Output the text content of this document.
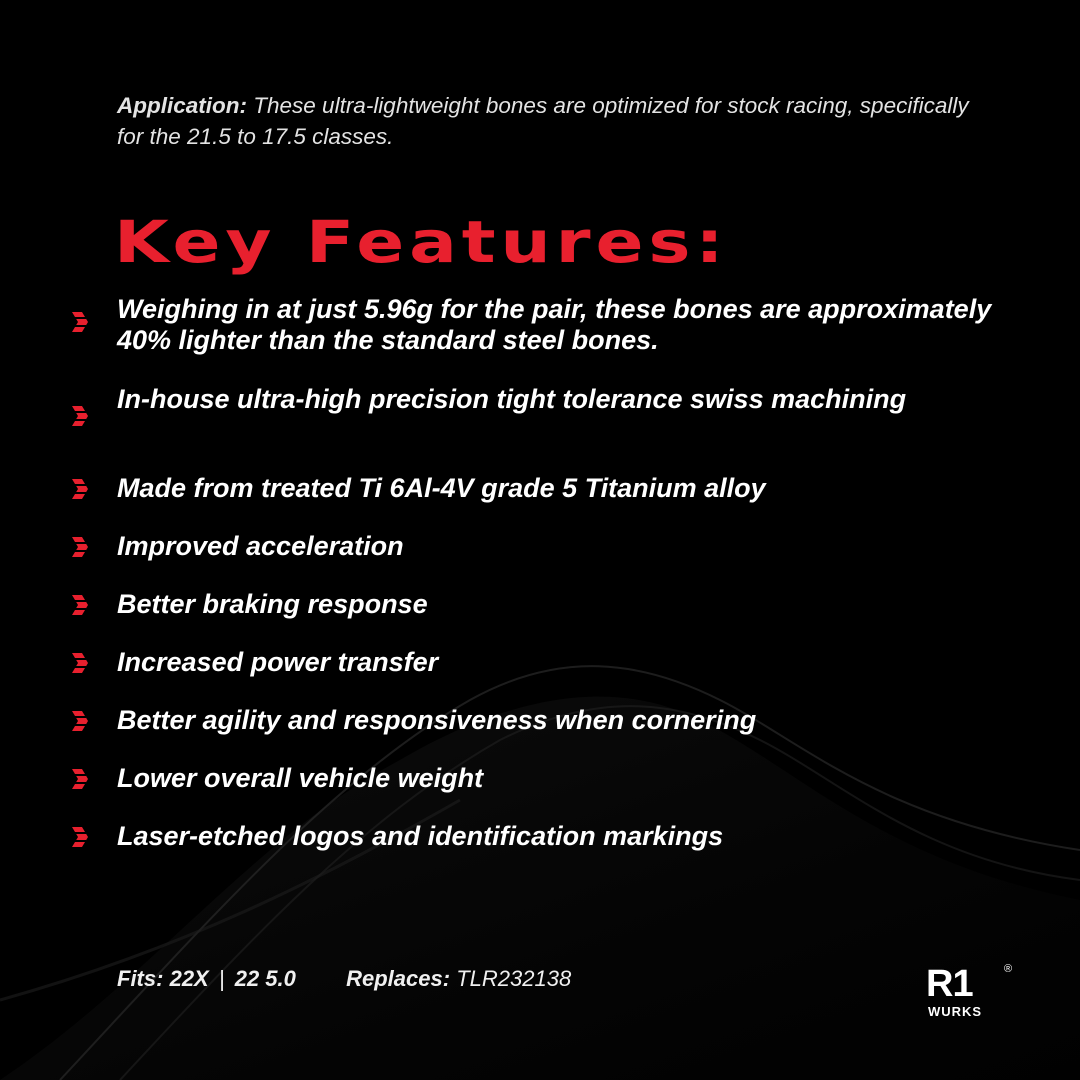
Application: These ultra-lightweight bones are optimized for stock racing, specifically for the 21.5 to 17.5 classes.
Key Features:
Weighing in at just 5.96g for the pair, these bones are approximately 40% lighter than the standard steel bones.
In-house ultra-high precision tight tolerance swiss machining
Made from treated Ti 6Al-4V grade 5 Titanium alloy
Improved acceleration
Better braking response
Increased power transfer
Better agility and responsiveness when cornering
Lower overall vehicle weight
Laser-etched logos and identification markings
Fits: 22X | 22 5.0 Replaces: TLR232138	R1	®
WURKS
